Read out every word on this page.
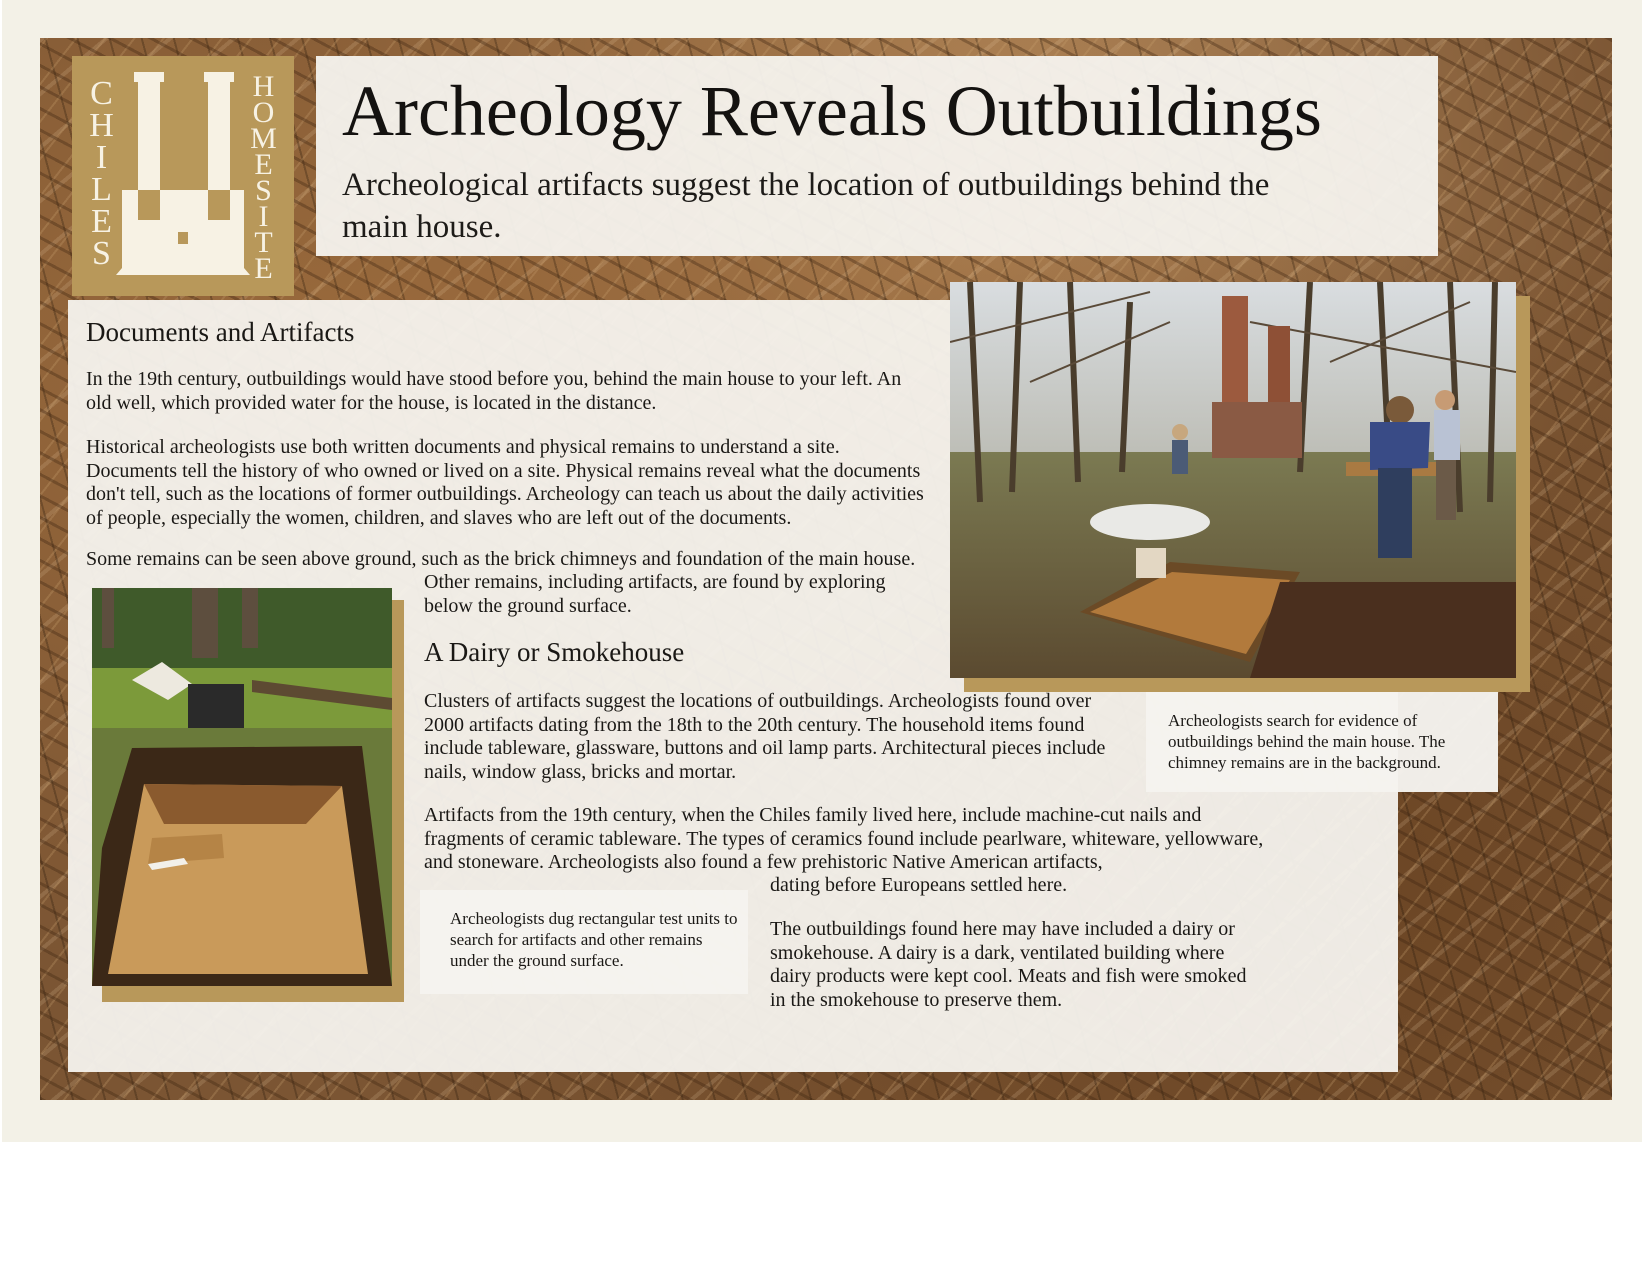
C
H
I
L
E
S
H
O
M
E
S
I
T
E
Archeology Reveals Outbuildings

Archeological artifacts suggest the location of outbuildings behind the main house.

Documents and Artifacts

In the 19th century, outbuildings would have stood before you, behind the main house to your left. An old well, which provided water for the house, is located in the distance.

Historical archeologists use both written documents and physical remains to understand a site. Documents tell the history of who owned or lived on a site. Physical remains reveal what the documents don't tell, such as the locations of former outbuildings. Archeology can teach us about the daily activities of people, especially the women, children, and slaves who are left out of the documents.

Some remains can be seen above ground, such as the brick chimneys and foundation of the main house.

Other remains, including artifacts, are found by exploring below the ground surface.

A Dairy or Smokehouse

Clusters of artifacts suggest the locations of outbuildings. Archeologists found over 2000 artifacts dating from the 18th to the 20th century. The household items found include tableware, glassware, buttons and oil lamp parts. Architectural pieces include nails, window glass, bricks and mortar.

Artifacts from the 19th century, when the Chiles family lived here, include machine-cut nails and fragments of ceramic tableware. The types of ceramics found include pearlware, whiteware, yellowware, and stoneware. Archeologists also found a few prehistoric Native American artifacts,

dating before Europeans settled here.

The outbuildings found here may have included a dairy or smokehouse. A dairy is a dark, ventilated building where dairy products were kept cool. Meats and fish were smoked in the smokehouse to preserve them.

Archeologists search for evidence of outbuildings behind the main house. The chimney remains are in the background.

Archeologists dug rectangular test units to search for artifacts and other remains under the ground surface.
